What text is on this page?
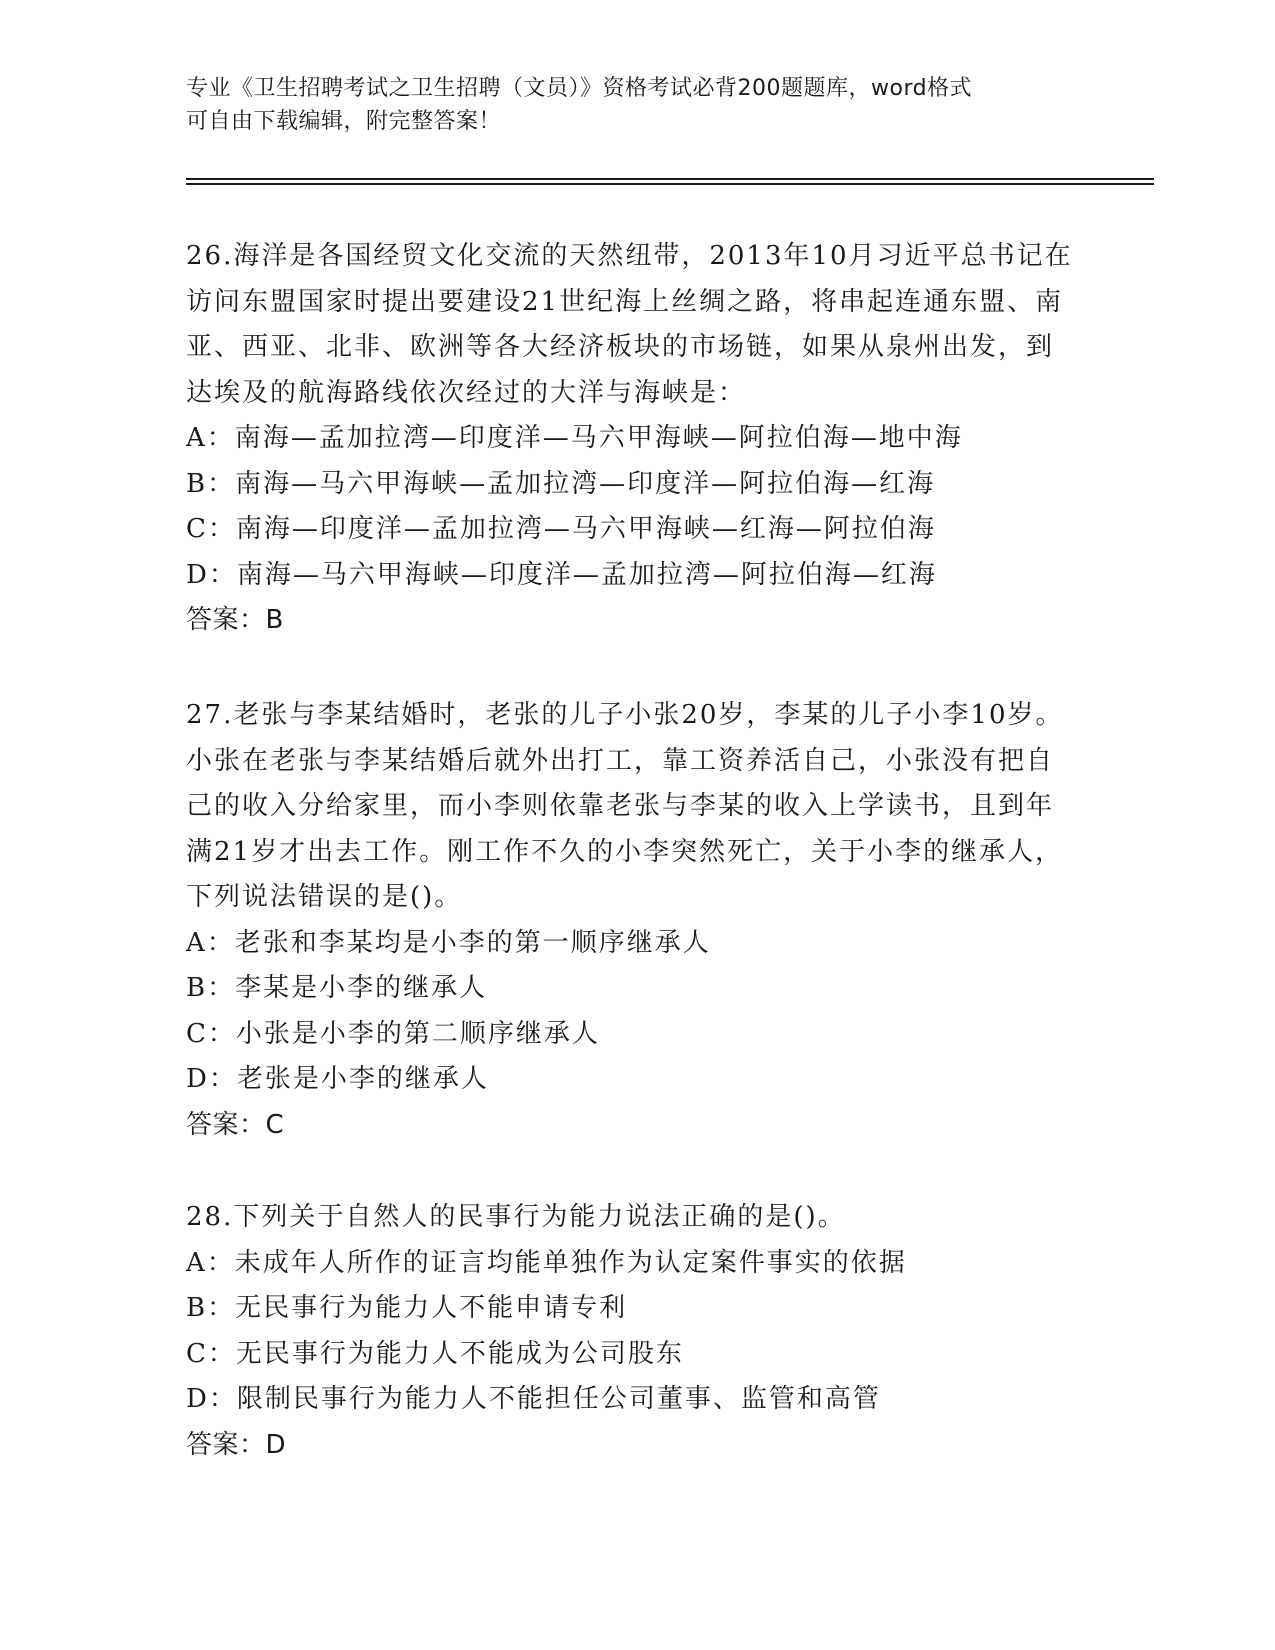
专业《卫生招聘考试之卫生招聘（文员）》资格考试必背200题题库，word格式
可自由下载编辑，附完整答案！

26.海洋是各国经贸文化交流的天然纽带，2013年10月习近平总书记在访问东盟国家时提出要建设21世纪海上丝绸之路，将串起连通东盟、南亚、西亚、北非、欧洲等各大经济板块的市场链，如果从泉州出发，到达埃及的航海路线依次经过的大洋与海峡是：

A：南海—孟加拉湾—印度洋—马六甲海峡—阿拉伯海—地中海

B：南海—马六甲海峡—孟加拉湾—印度洋—阿拉伯海—红海

C：南海—印度洋—孟加拉湾—马六甲海峡—红海—阿拉伯海

D：南海—马六甲海峡—印度洋—孟加拉湾—阿拉伯海—红海

答案：B

27.老张与李某结婚时，老张的儿子小张20岁，李某的儿子小李10岁。小张在老张与李某结婚后就外出打工，靠工资养活自己，小张没有把自己的收入分给家里，而小李则依靠老张与李某的收入上学读书，且到年满21岁才出去工作。刚工作不久的小李突然死亡，关于小李的继承人，下列说法错误的是()。

A：老张和李某均是小李的第一顺序继承人

B：李某是小李的继承人

C：小张是小李的第二顺序继承人

D：老张是小李的继承人

答案：C

28.下列关于自然人的民事行为能力说法正确的是()。

A：未成年人所作的证言均能单独作为认定案件事实的依据

B：无民事行为能力人不能申请专利

C：无民事行为能力人不能成为公司股东

D：限制民事行为能力人不能担任公司董事、监管和高管

答案：D
